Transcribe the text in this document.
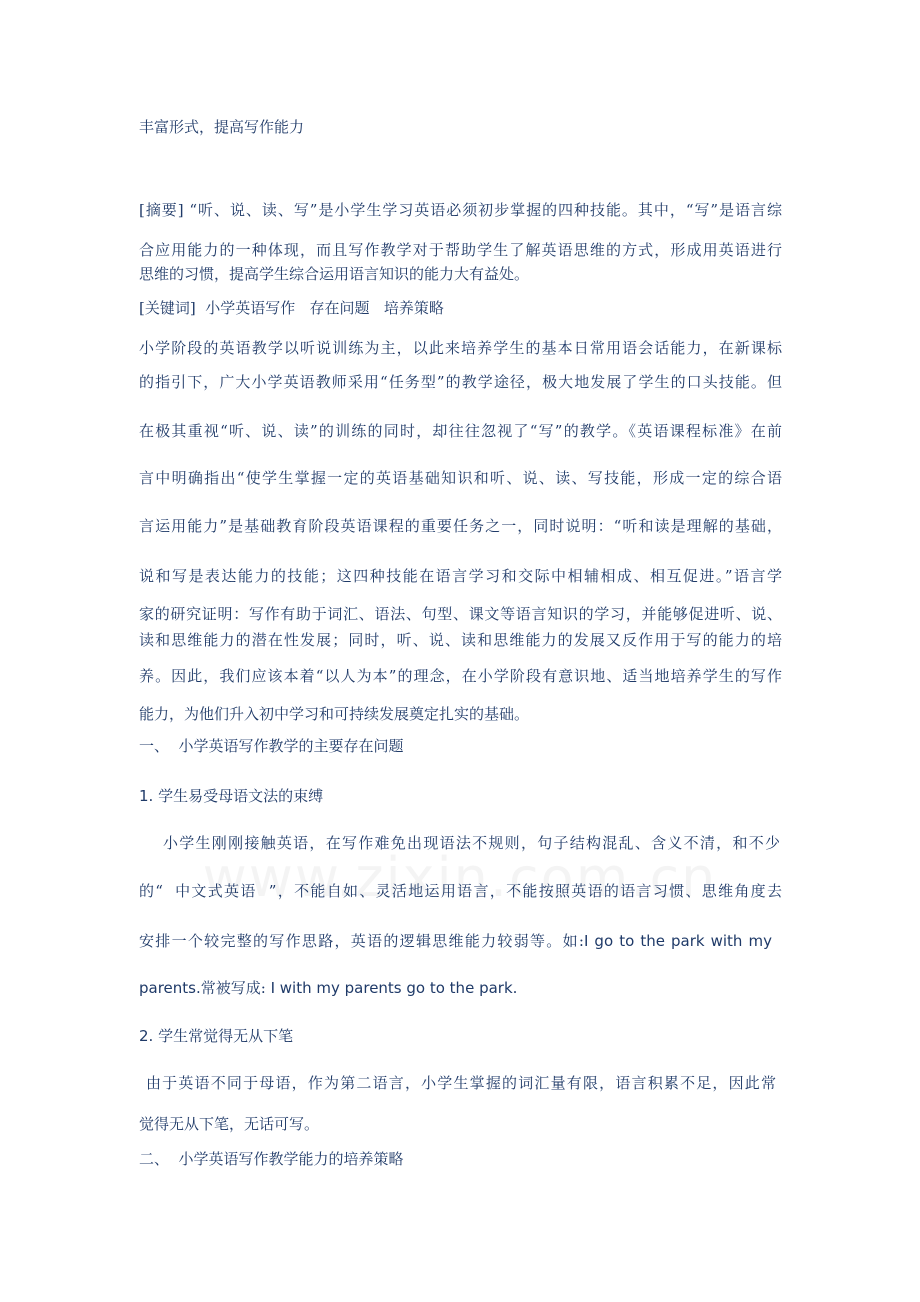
丰富形式，提高写作能力
[摘要] “听、说、读、写”是小学生学习英语必须初步掌握的四种技能。其中，“写”是语言综
合应用能力的一种体现，而且写作教学对于帮助学生了解英语思维的方式，形成用英语进行
思维的习惯，提高学生综合运用语言知识的能力大有益处。
[关键词]  小学英语写作   存在问题   培养策略
小学阶段的英语教学以听说训练为主，以此来培养学生的基本日常用语会话能力，在新课标
的指引下，广大小学英语教师采用“任务型”的教学途径，极大地发展了学生的口头技能。但
在极其重视“听、说、读”的训练的同时，却往往忽视了“写”的教学。《英语课程标准》在前
言中明确指出“使学生掌握一定的英语基础知识和听、说、读、写技能，形成一定的综合语
言运用能力”是基础教育阶段英语课程的重要任务之一，同时说明：“听和读是理解的基础，
说和写是表达能力的技能；这四种技能在语言学习和交际中相辅相成、相互促进。”语言学
家的研究证明：写作有助于词汇、语法、句型、课文等语言知识的学习，并能够促进听、说、
读和思维能力的潜在性发展；同时，听、说、读和思维能力的发展又反作用于写的能力的培
养。因此，我们应该本着“以人为本”的理念，在小学阶段有意识地、适当地培养学生的写作
能力，为他们升入初中学习和可持续发展奠定扎实的基础。
一、  小学英语写作教学的主要存在问题
1. 学生易受母语文法的束缚
小学生刚刚接触英语，在写作难免出现语法不规则，句子结构混乱、含义不清，和不少
的“  中文式英语  ”，不能自如、灵活地运用语言，不能按照英语的语言习惯、思维角度去
安排一个较完整的写作思路，英语的逻辑思维能力较弱等。如:I go to the park with my
parents.常被写成: I with my parents go to the park.
2. 学生常觉得无从下笔
由于英语不同于母语，作为第二语言，小学生掌握的词汇量有限，语言积累不足，因此常
觉得无从下笔，无话可写。
二、  小学英语写作教学能力的培养策略
